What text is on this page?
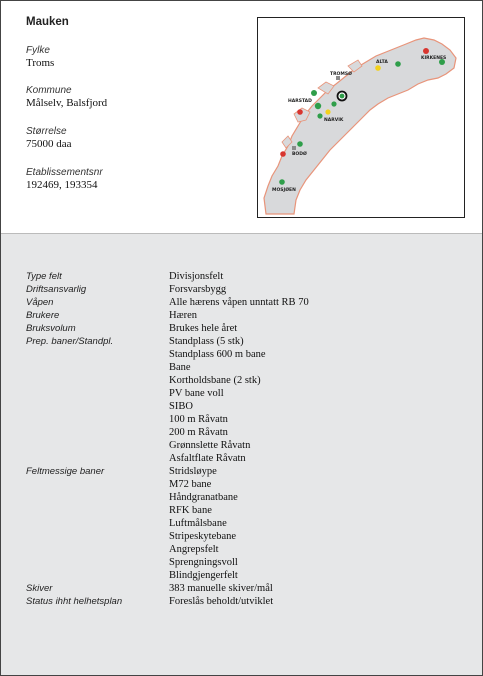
Mauken
Fylke
Troms
Kommune
Målselv, Balsfjord
Størrelse
75000 daa
Etablissementsnr
192469, 193354
KIRKENES
ALTA
TROMSØ
HARSTAD
NARVIK
BODØ
MOSJØEN
Type felt	Divisjonsfelt
Driftsansvarlig	Forsvarsbygg
Våpen	Alle hærens våpen unntatt RB 70
Brukere	Hæren
Bruksvolum	Brukes hele året
Prep. baner/Standpl.	Standplass (5 stk)
Standplass 600 m bane
Bane
Kortholdsbane (2 stk)
PV bane voll
SIBO
100 m Råvatn
200 m Råvatn
Grønnslette Råvatn
Asfaltflate Råvatn
Feltmessige baner	Stridsløype
M72 bane
Håndgranatbane
RFK bane
Luftmålsbane
Stripeskytebane
Angrepsfelt
Sprengningsvoll
Blindgjengerfelt
Skiver	383 manuelle skiver/mål
Status ihht helhetsplan	Foreslås beholdt/utviklet
